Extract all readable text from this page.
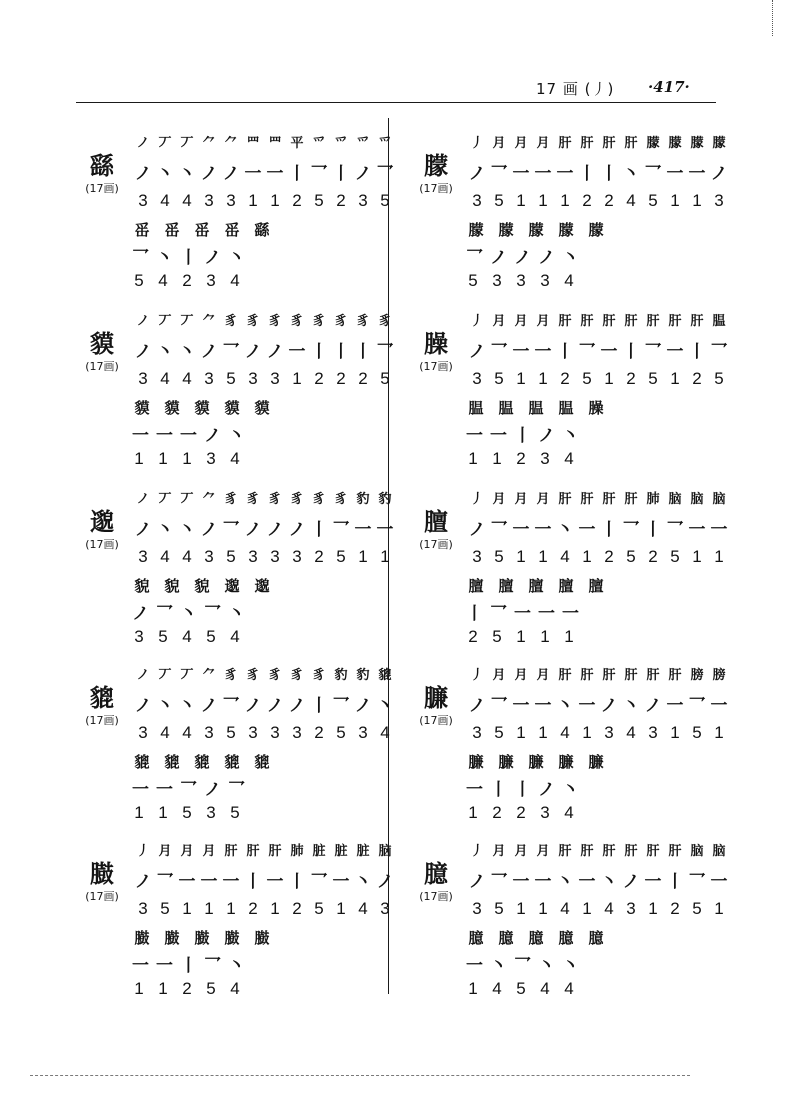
17 画 (丿) ·417·
繇
(17画)
ノ 丆 丆 ⺈ ⺈ 罒 罒 平 爫 爫 爫 爫
ノ 丶 丶 ノ ノ 一 一 丨 乛 丨 ノ 乛
3 4 4 3 3 1 1 2 5 2 3 5
䍃 䍃 䍃 䍃 繇
乛 丶 丨 ノ 丶
5 4 2 3 4
貘
(17画)
ノ 丆 丆 ⺈ 豸 豸 豸 豸 豸 豸 豸 豸
ノ 丶 丶 ノ 乛 ノ ノ 一 丨 丨 丨 乛
3 4 4 3 5 3 3 1 2 2 2 5
貘 貘 貘 貘 貘
一 一 一 ノ 丶
1 1 1 3 4
邈
(17画)
ノ 丆 丆 ⺈ 豸 豸 豸 豸 豸 豸 豹 豹
ノ 丶 丶 ノ 乛 ノ ノ ノ 丨 乛 一 一
3 4 4 3 5 3 3 3 2 5 1 1
貌 貌 貌 邈 邈
ノ 乛 丶 乛 丶
3 5 4 5 4
貔
(17画)
ノ 丆 丆 ⺈ 豸 豸 豸 豸 豸 豹 豹 貔
ノ 丶 丶 ノ 乛 ノ ノ ノ 丨 乛 ノ 丶
3 4 4 3 5 3 3 3 2 5 3 4
貔 貔 貔 貔 貔
一 一 乛 ノ 乛
1 1 5 3 5
臌
(17画)
丿 月 月 月 肝 肝 肝 肺 脏 脏 脏 脑
ノ 乛 一 一 一 丨 一 丨 乛 一 丶 ノ
3 5 1 1 1 2 1 2 5 1 4 3
臌 臌 臌 臌 臌
一 一 丨 乛 丶
1 1 2 5 4
朦
(17画)
丿 月 月 月 肝 肝 肝 肝 朦 朦 朦 朦
ノ 乛 一 一 一 丨 丨 丶 乛 一 一 ノ
3 5 1 1 1 2 2 4 5 1 1 3
朦 朦 朦 朦 朦
乛 ノ ノ ノ 丶
5 3 3 3 4
臊
(17画)
丿 月 月 月 肝 肝 肝 肝 肝 肝 肝 腽
ノ 乛 一 一 丨 乛 一 丨 乛 一 丨 乛
3 5 1 1 2 5 1 2 5 1 2 5
腽 腽 腽 腽 臊
一 一 丨 ノ 丶
1 1 2 3 4
膻
(17画)
丿 月 月 月 肝 肝 肝 肝 肺 脑 脑 脑
ノ 乛 一 一 丶 一 丨 乛 丨 乛 一 一
3 5 1 1 4 1 2 5 2 5 1 1
膻 膻 膻 膻 膻
丨 乛 一 一 一
2 5 1 1 1
臁
(17画)
丿 月 月 月 肝 肝 肝 肝 肝 肝 膀 膀
ノ 乛 一 一 丶 一 ノ 丶 ノ 一 乛 一
3 5 1 1 4 1 3 4 3 1 5 1
臁 臁 臁 臁 臁
一 丨 丨 ノ 丶
1 2 2 3 4
臆
(17画)
丿 月 月 月 肝 肝 肝 肝 肝 肝 脑 脑
ノ 乛 一 一 丶 一 丶 ノ 一 丨 乛 一
3 5 1 1 4 1 4 3 1 2 5 1
臆 臆 臆 臆 臆
一 丶 乛 丶 丶
1 4 5 4 4
